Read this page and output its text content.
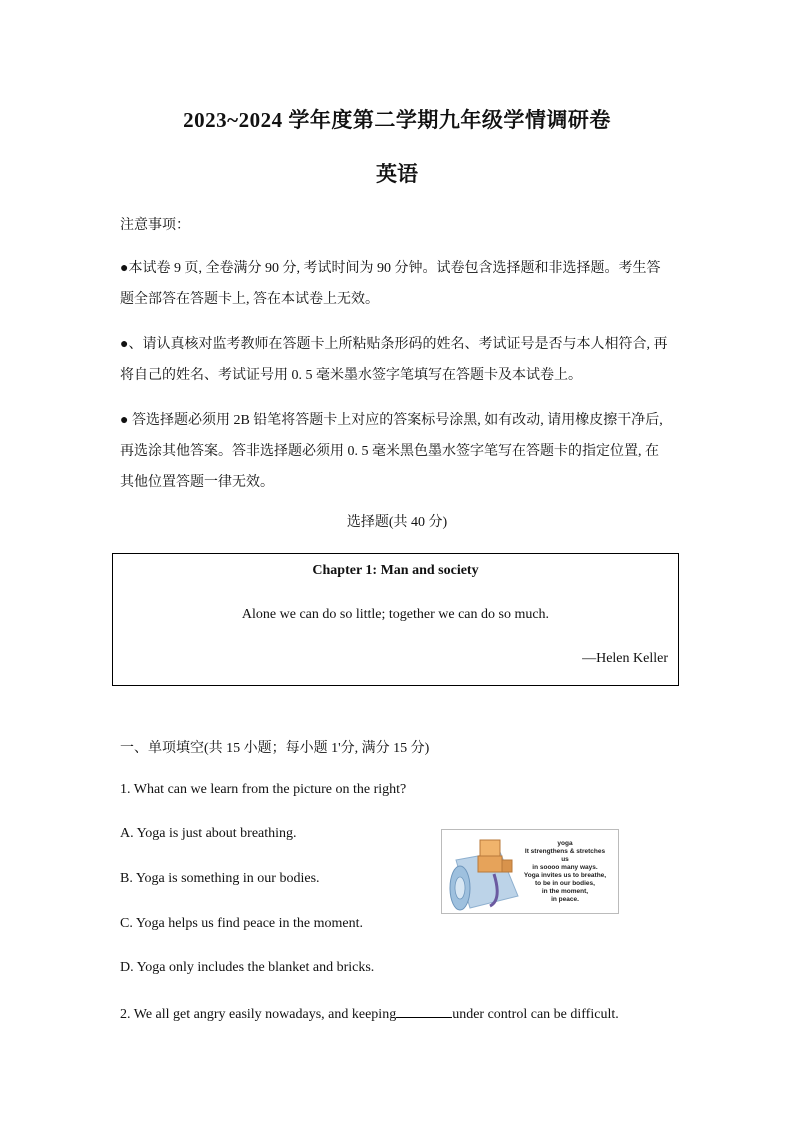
2023~2024 学年度第二学期九年级学情调研卷
英语
注意事项：
●本试卷 9 页, 全卷满分 90 分, 考试时间为 90 分钟。试卷包含选择题和非选择题。考生答
题全部答在答题卡上, 答在本试卷上无效。
●、请认真核对监考教师在答题卡上所粘贴条形码的姓名、考试证号是否与本人相符合, 再
将自己的姓名、考试证号用 0. 5 毫米墨水签字笔填写在答题卡及本试卷上。
● 答选择题必须用 2B 铅笔将答题卡上对应的答案标号涂黑, 如有改动, 请用橡皮擦干净后,
再选涂其他答案。答非选择题必须用 0. 5 毫米黑色墨水签字笔写在答题卡的指定位置, 在
其他位置答题一律无效。
选择题(共 40 分)
Chapter 1: Man and society
Alone we can do so little; together we can do so much.
—Helen Keller
一、单项填空(共 15 小题；每小题 1'分, 满分 15 分)
1. What can we learn from the picture on the right?
A. Yoga is just about breathing.
B. Yoga is something in our bodies.
C. Yoga helps us find peace in the moment.
D. Yoga only includes the blanket and bricks.
yoga
It strengthens & stretches
us
in soooo many ways.
Yoga invites us to breathe,
to be in our bodies,
in the moment,
in peace.
2. We all get angry easily nowadays, and keeping	under control can be difficult.
